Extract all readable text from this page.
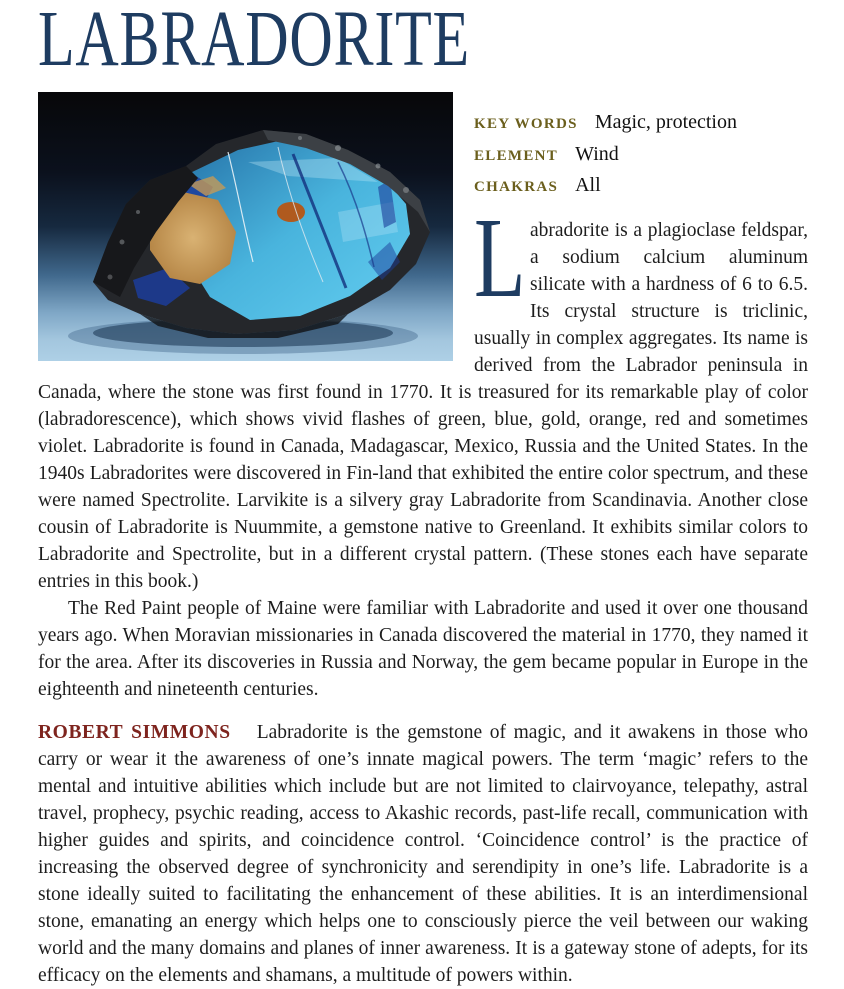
LABRADORITE
KEY WORDS Magic, protection
ELEMENT Wind
CHAKRAS All

Labradorite is a plagioclase feldspar, a sodium calcium aluminum silicate with a hardness of 6 to 6.5. Its crystal structure is triclinic, usually in complex aggregates. Its name is derived from the Labrador peninsula in Canada, where the stone was first found in 1770. It is treasured for its remarkable play of color (labradorescence), which shows vivid flashes of green, blue, gold, orange, red and sometimes violet. Labradorite is found in Canada, Madagascar, Mexico, Russia and the United States. In the 1940s Labradorites were discovered in Fin-land that exhibited the entire color spectrum, and these were named Spectrolite. Larvikite is a silvery gray Labradorite from Scandinavia. Another close cousin of Labradorite is Nuummite, a gemstone native to Greenland. It exhibits similar colors to Labradorite and Spectrolite, but in a different crystal pattern. (These stones each have separate entries in this book.)

The Red Paint people of Maine were familiar with Labradorite and used it over one thousand years ago. When Moravian missionaries in Canada discovered the material in 1770, they named it for the area. After its discoveries in Russia and Norway, the gem became popular in Europe in the eighteenth and nineteenth centuries.

ROBERT SIMMONS Labradorite is the gemstone of magic, and it awakens in those who carry or wear it the awareness of one’s innate magical powers. The term ‘magic’ refers to the mental and intuitive abilities which include but are not limited to clairvoyance, telepathy, astral travel, prophecy, psychic reading, access to Akashic records, past-life recall, communication with higher guides and spirits, and coincidence control. ‘Coincidence control’ is the practice of increasing the observed degree of synchronicity and serendipity in one’s life. Labradorite is a stone ideally suited to facilitating the enhancement of these abilities. It is an interdimensional stone, emanating an energy which helps one to consciously pierce the veil between our waking world and the many domains and planes of inner awareness. It is a gateway stone of adepts, for its efficacy on the elements and shamans, a multitude of powers within.
